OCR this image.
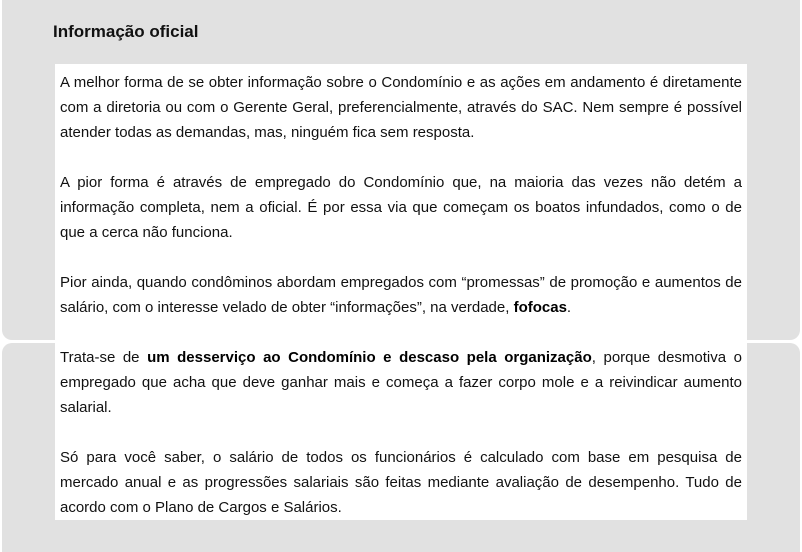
Informação oficial

A melhor forma de se obter informação sobre o Condomínio e as ações em andamento é diretamente com a diretoria ou com o Gerente Geral, preferencialmente, através do SAC. Nem sempre é possível atender todas as demandas, mas, ninguém fica sem resposta.

A pior forma é através de empregado do Condomínio que, na maioria das vezes não detém a informação completa, nem a oficial. É por essa via que começam os boatos infundados, como o de que a cerca não funciona.

Pior ainda, quando condôminos abordam empregados com “promessas” de promoção e aumentos de salário, com o interesse velado de obter “informações”, na verdade, fofocas.

Trata-se de um desserviço ao Condomínio e descaso pela organização, porque desmotiva o empregado que acha que deve ganhar mais e começa a fazer corpo mole e a reivindicar aumento salarial.

Só para você saber, o salário de todos os funcionários é calculado com base em pesquisa de mercado anual e as progressões salariais são feitas mediante avaliação de desempenho. Tudo de acordo com o Plano de Cargos e Salários.
